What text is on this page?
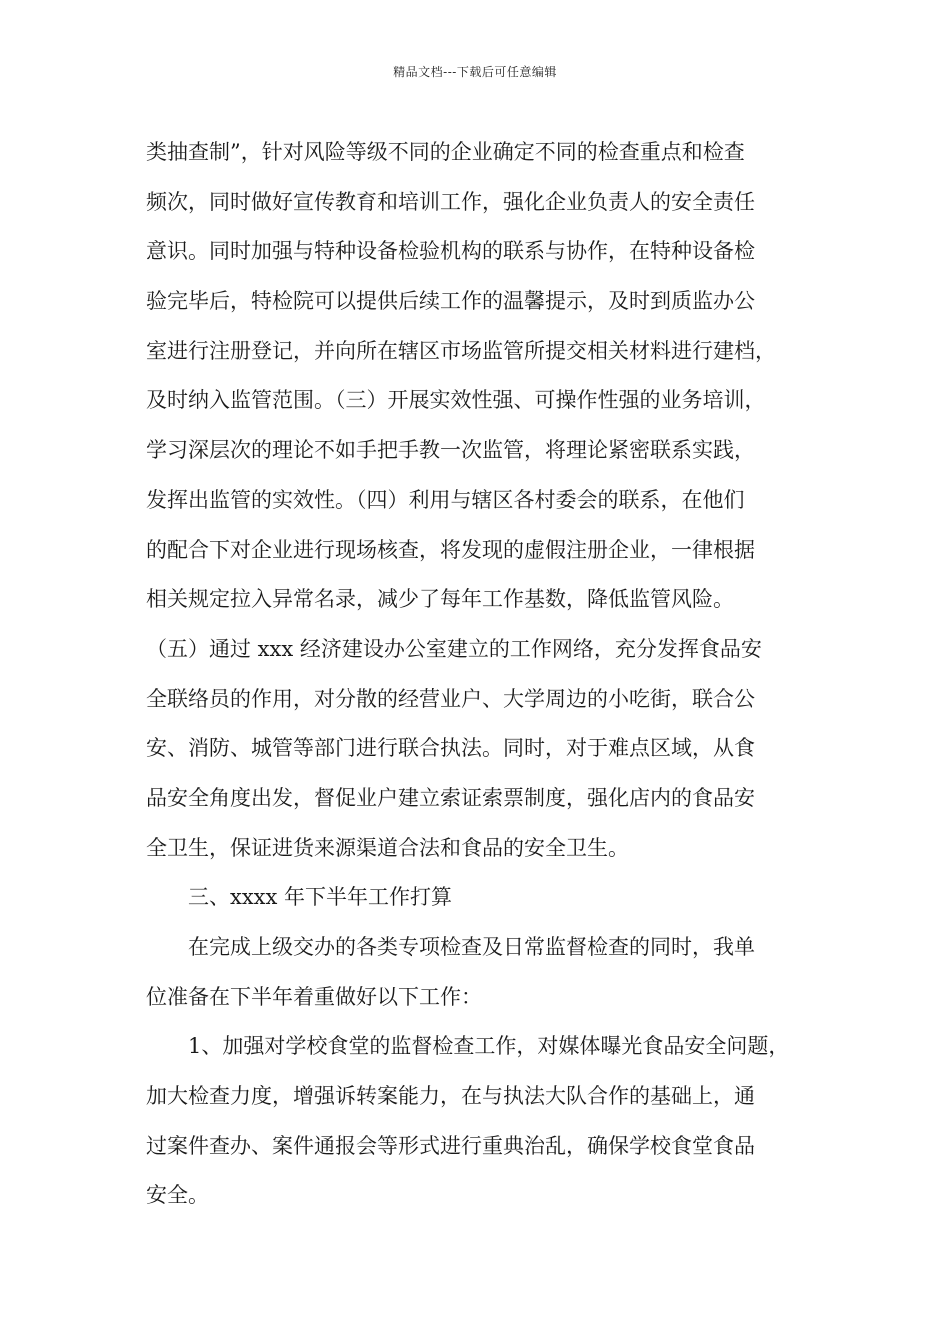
精品文档---下载后可任意编辑
类抽查制”，针对风险等级不同的企业确定不同的检查重点和检查
频次，同时做好宣传教育和培训工作，强化企业负责人的安全责任
意识。同时加强与特种设备检验机构的联系与协作，在特种设备检
验完毕后，特检院可以提供后续工作的温馨提示，及时到质监办公
室进行注册登记，并向所在辖区市场监管所提交相关材料进行建档，
及时纳入监管范围。（三）开展实效性强、可操作性强的业务培训，
学习深层次的理论不如手把手教一次监管，将理论紧密联系实践，
发挥出监管的实效性。（四）利用与辖区各村委会的联系，在他们
的配合下对企业进行现场核查，将发现的虚假注册企业，一律根据
相关规定拉入异常名录，减少了每年工作基数，降低监管风险。
（五）通过 xxx 经济建设办公室建立的工作网络，充分发挥食品安
全联络员的作用，对分散的经营业户、大学周边的小吃街，联合公
安、消防、城管等部门进行联合执法。同时，对于难点区域，从食
品安全角度出发，督促业户建立索证索票制度，强化店内的食品安
全卫生，保证进货来源渠道合法和食品的安全卫生。
三、xxxx 年下半年工作打算
在完成上级交办的各类专项检查及日常监督检查的同时，我单
位准备在下半年着重做好以下工作：
1、加强对学校食堂的监督检查工作，对媒体曝光食品安全问题，
加大检查力度，增强诉转案能力，在与执法大队合作的基础上，通
过案件查办、案件通报会等形式进行重典治乱，确保学校食堂食品
安全。
